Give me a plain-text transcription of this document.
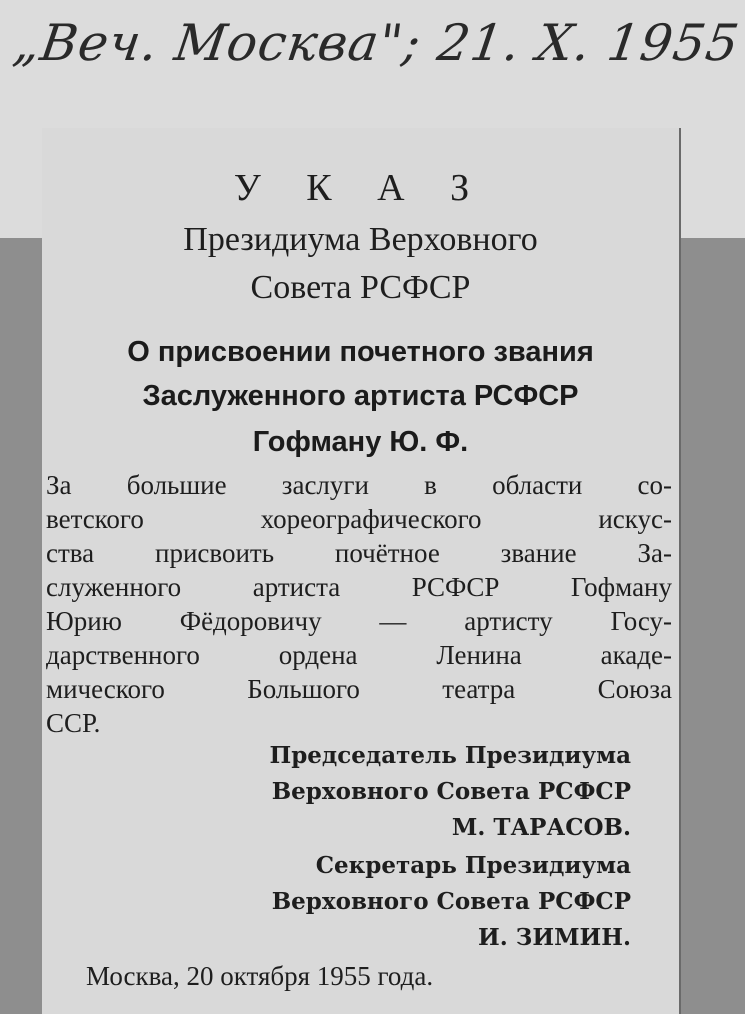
„Веч. Москва"; 21. X. 1955
У К А З
Президиума Верховного
Совета РСФСР
О присвоении почетного звания
Заслуженного артиста РСФСР
Гофману Ю. Ф.
За большие заслуги в области со-
ветского хореографического искус-
ства присвоить почётное звание За-
служенного артиста РСФСР Гофману
Юрию Фёдоровичу — артисту Госу-
дарственного ордена Ленина акаде-
мического Большого театра Союза
ССР.
Председатель Президиума
Верховного Совета РСФСР
М. ТАРАСОВ.
Секретарь Президиума
Верховного Совета РСФСР
И. ЗИМИН.
Москва, 20 октября 1955 года.
